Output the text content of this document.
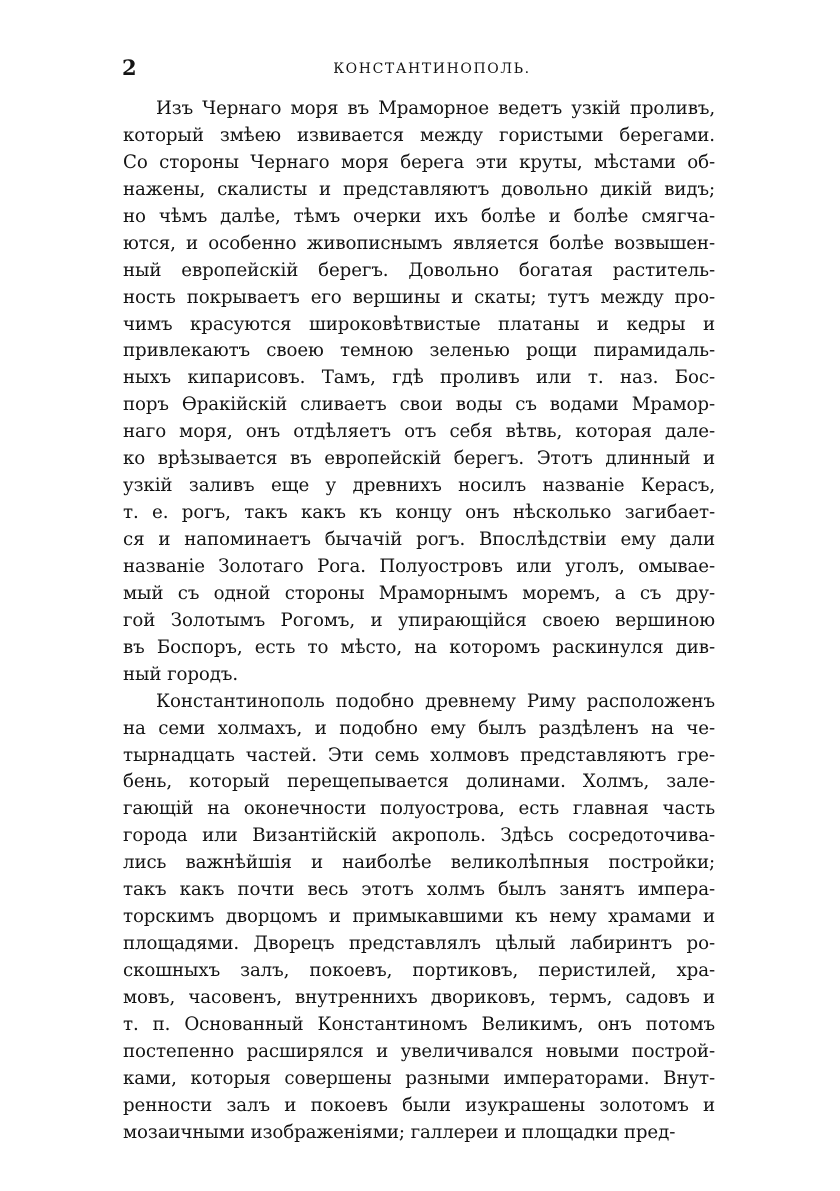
2	КОНСТАНТИНОПОЛЬ.
Изъ Чернаго моря въ Мраморное ведетъ узкій проливъ,
который змѣею извивается между гористыми берегами.
Со стороны Чернаго моря берега эти круты, мѣстами об-
нажены, скалисты и представляютъ довольно дикій видъ;
но чѣмъ далѣе, тѣмъ очерки ихъ болѣе и болѣе смягча-
ются, и особенно живописнымъ является болѣе возвышен-
ный европейскій берегъ. Довольно богатая раститель-
ность покрываетъ его вершины и скаты; тутъ между про-
чимъ красуются широковѣтвистые платаны и кедры и
привлекаютъ своею темною зеленью рощи пирамидаль-
ныхъ кипарисовъ. Тамъ, гдѣ проливъ или т. наз. Бос-
поръ Ѳракійскій сливаетъ свои воды съ водами Мрамор-
наго моря, онъ отдѣляетъ отъ себя вѣтвь, которая дале-
ко врѣзывается въ европейскій берегъ. Этотъ длинный и
узкій заливъ еще у древнихъ носилъ названіе Керасъ,
т. е. рогъ, такъ какъ къ концу онъ нѣсколько загибает-
ся и напоминаетъ бычачій рогъ. Впослѣдствіи ему дали
названіе Золотаго Рога. Полуостровъ или уголъ, омывае-
мый съ одной стороны Мраморнымъ моремъ, а съ дру-
гой Золотымъ Рогомъ, и упирающійся своею вершиною
въ Боспоръ, есть то мѣсто, на которомъ раскинулся див-
ный городъ.
Константинополь подобно древнему Риму расположенъ
на семи холмахъ, и подобно ему былъ раздѣленъ на че-
тырнадцать частей. Эти семь холмовъ представляютъ гре-
бень, который перещепывается долинами. Холмъ, зале-
гающій на оконечности полуострова, есть главная часть
города или Византійскій акрополь. Здѣсь сосредоточива-
лись важнѣйшія и наиболѣе великолѣпныя постройки;
такъ какъ почти весь этотъ холмъ былъ занятъ импера-
торскимъ дворцомъ и примыкавшими къ нему храмами и
площадями. Дворецъ представлялъ цѣлый лабиринтъ ро-
скошныхъ залъ, покоевъ, портиковъ, перистилей, хра-
мовъ, часовенъ, внутреннихъ двориковъ, термъ, садовъ и
т. п. Основанный Константиномъ Великимъ, онъ потомъ
постепенно расширялся и увеличивался новыми построй-
ками, которыя совершены разными императорами. Внут-
ренности залъ и покоевъ были изукрашены золотомъ и
мозаичными изображеніями; галлереи и площадки пред-
